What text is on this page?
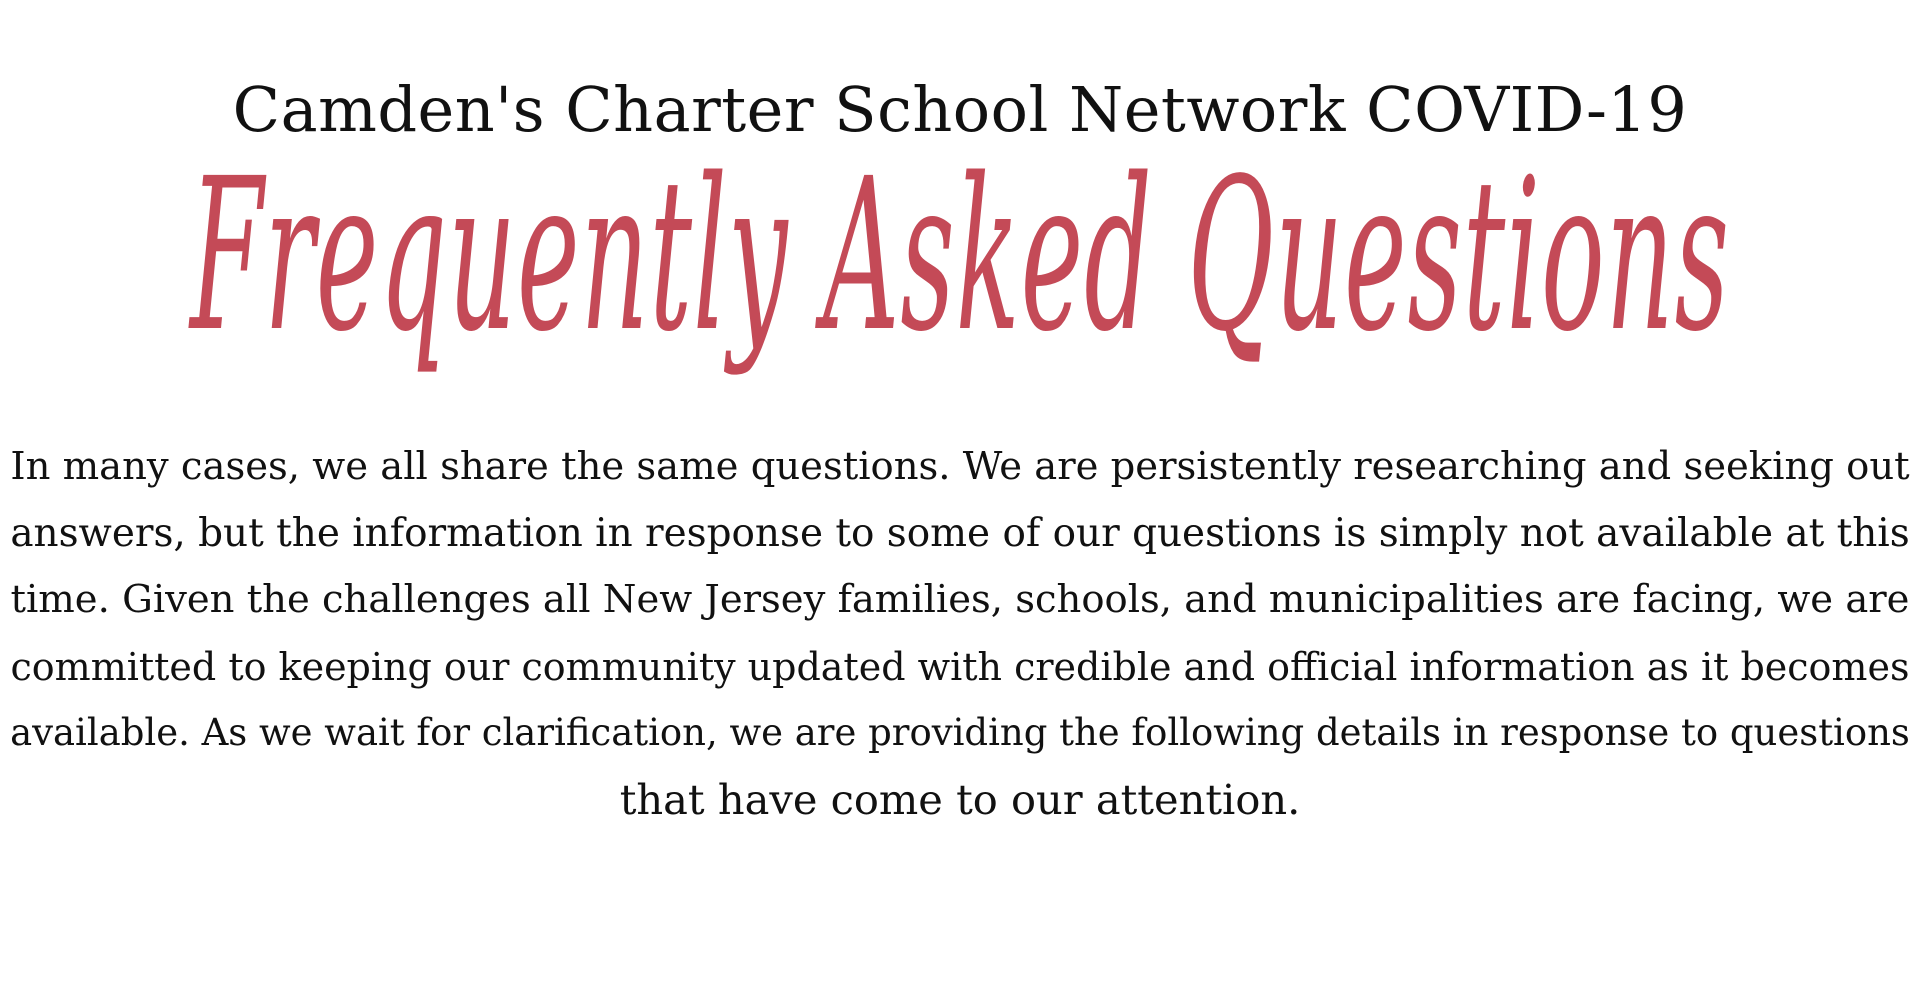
Camden's Charter School Network COVID-19
Frequently Asked Questions
In many cases, we all share the same questions. We are persistently researching and seeking out
answers, but the information in response to some of our questions is simply not available at this
time. Given the challenges all New Jersey families, schools, and municipalities are facing, we are
committed to keeping our community updated with credible and official information as it becomes
available. As we wait for clarification, we are providing the following details in response to questions
that have come to our attention.
